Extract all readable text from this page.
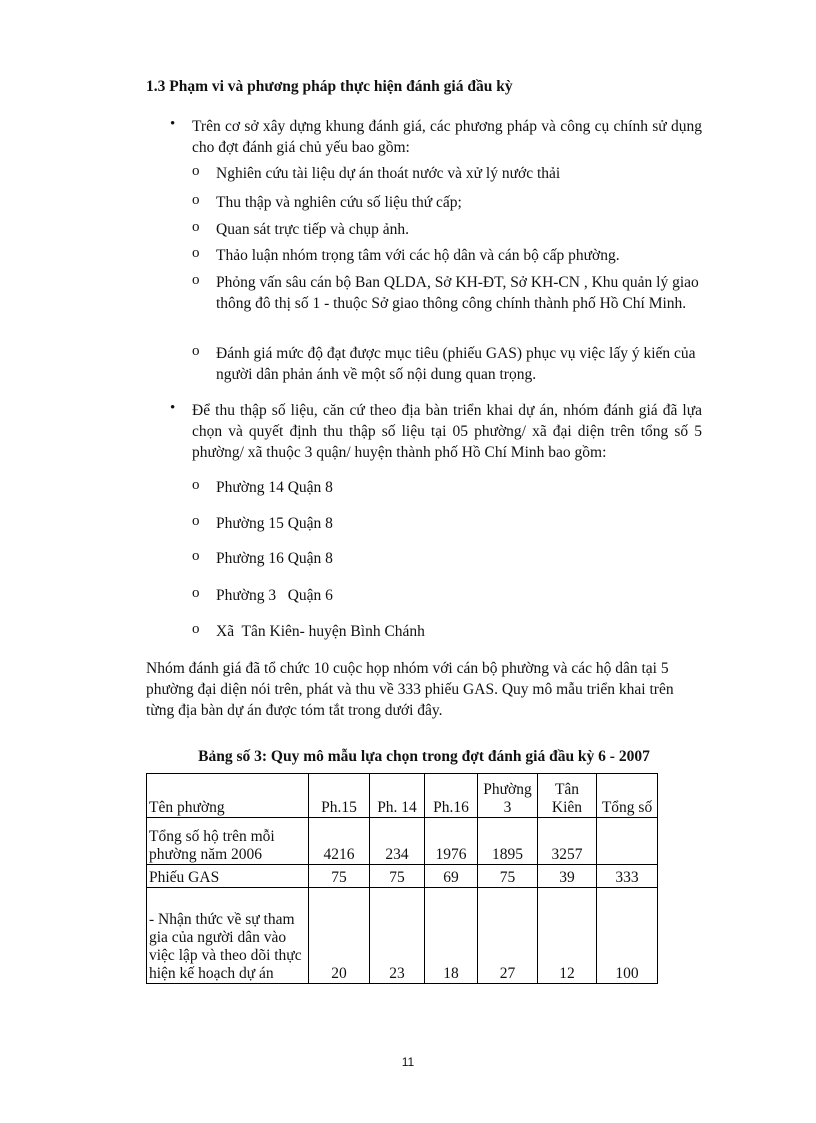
1.3 Phạm vi và phương pháp thực hiện đánh giá đầu kỳ
•	Trên cơ sở xây dựng khung đánh giá, các phương pháp và công cụ chính sử dụng cho đợt đánh giá chủ yếu bao gồm:
o Nghiên cứu tài liệu dự án thoát nước và xử lý nước thải
o Thu thập và nghiên cứu số liệu thứ cấp;
o Quan sát trực tiếp và chụp ảnh.
o Thảo luận nhóm trọng tâm với các hộ dân và cán bộ cấp phường.
o Phỏng vấn sâu cán bộ Ban QLDA, Sở KH-ĐT, Sở KH-CN , Khu quản lý giao thông đô thị số 1 - thuộc Sở giao thông công chính thành phố Hồ Chí Minh.
o Đánh giá mức độ đạt được mục tiêu (phiếu GAS) phục vụ việc lấy ý kiến của người dân phản ánh về một số nội dung quan trọng.
•	Để thu thập số liệu, căn cứ theo địa bàn triển khai dự án, nhóm đánh giá đã lựa chọn và quyết định thu thập số liệu tại 05 phường/ xã đại diện trên tổng số 5 phường/ xã thuộc 3 quận/ huyện thành phố Hồ Chí Minh bao gồm:
o Phường 14 Quận 8
o Phường 15 Quận 8
o Phường 16 Quận 8
o Phường 3   Quận 6
o Xã  Tân Kiên- huyện Bình Chánh
Nhóm đánh giá đã tổ chức 10 cuộc họp nhóm với cán bộ phường và các hộ dân tại 5 phường đại diện nói trên, phát và thu về 333 phiếu GAS. Quy mô mẫu triển khai trên từng địa bàn dự án được tóm tắt trong dưới đây.
Bảng số 3: Quy mô mẫu lựa chọn trong đợt đánh giá đầu kỳ 6 - 2007
Tên phường	Ph.15	Ph. 14	Ph.16	Phường 3	Tân Kiên	Tổng số
Tổng số hộ trên mỗi phường năm 2006	4216	234	1976	1895	3257	
Phiếu GAS	75	75	69	75	39	333
- Nhận thức về sự tham gia của người dân vào việc lập và theo dõi thực hiện kế hoạch dự án	20	23	18	27	12	100
11
